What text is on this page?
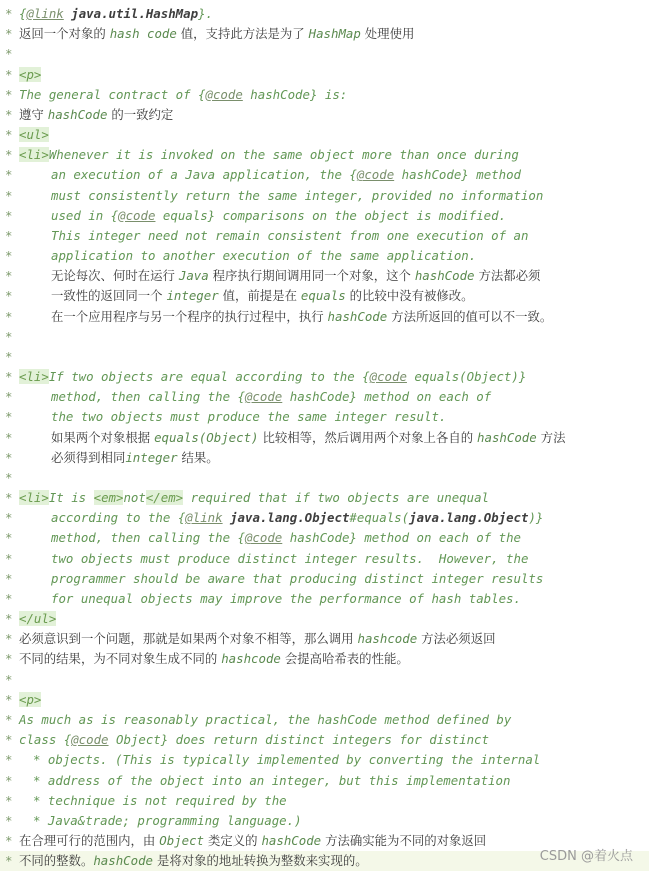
* {@link java.util.HashMap}.
* 返回一个对象的 hash code 值，支持此方法是为了 HashMap 处理使用
*
* <p>
* The general contract of {@code hashCode} is:
* 遵守 hashCode 的一致约定
* <ul>
* <li>Whenever it is invoked on the same object more than once during
*	an execution of a Java application, the {@code hashCode} method
*	must consistently return the same integer, provided no information
*	used in {@code equals} comparisons on the object is modified.
*	This integer need not remain consistent from one execution of an
*	application to another execution of the same application.
*	无论每次、何时在运行 Java 程序执行期间调用同一个对象，这个 hashCode 方法都必须
*	一致性的返回同一个 integer 值，前提是在 equals 的比较中没有被修改。
*	在一个应用程序与另一个程序的执行过程中，执行 hashCode 方法所返回的值可以不一致。
*
*
* <li>If two objects are equal according to the {@code equals(Object)}
*	method, then calling the {@code hashCode} method on each of
*	the two objects must produce the same integer result.
*	如果两个对象根据 equals(Object) 比较相等，然后调用两个对象上各自的 hashCode 方法
*	必须得到相同integer 结果。
*
* <li>It is <em>not</em> required that if two objects are unequal
*	according to the {@link java.lang.Object#equals(java.lang.Object)}
*	method, then calling the {@code hashCode} method on each of the
*	two objects must produce distinct integer results.  However, the
*	programmer should be aware that producing distinct integer results
*	for unequal objects may improve the performance of hash tables.
* </ul>
* 必须意识到一个问题，那就是如果两个对象不相等，那么调用 hashcode 方法必须返回
* 不同的结果，为不同对象生成不同的 hashcode 会提高哈希表的性能。
*
* <p>
* As much as is reasonably practical, the hashCode method defined by
* class {@code Object} does return distinct integers for distinct
* * objects. (This is typically implemented by converting the internal
* * address of the object into an integer, but this implementation
* * technique is not required by the
* * Java&trade; programming language.)
* 在合理可行的范围内，由 Object 类定义的 hashCode 方法确实能为不同的对象返回
* 不同的整数。hashCode 是将对象的地址转换为整数来实现的。	CSDN @着火点
